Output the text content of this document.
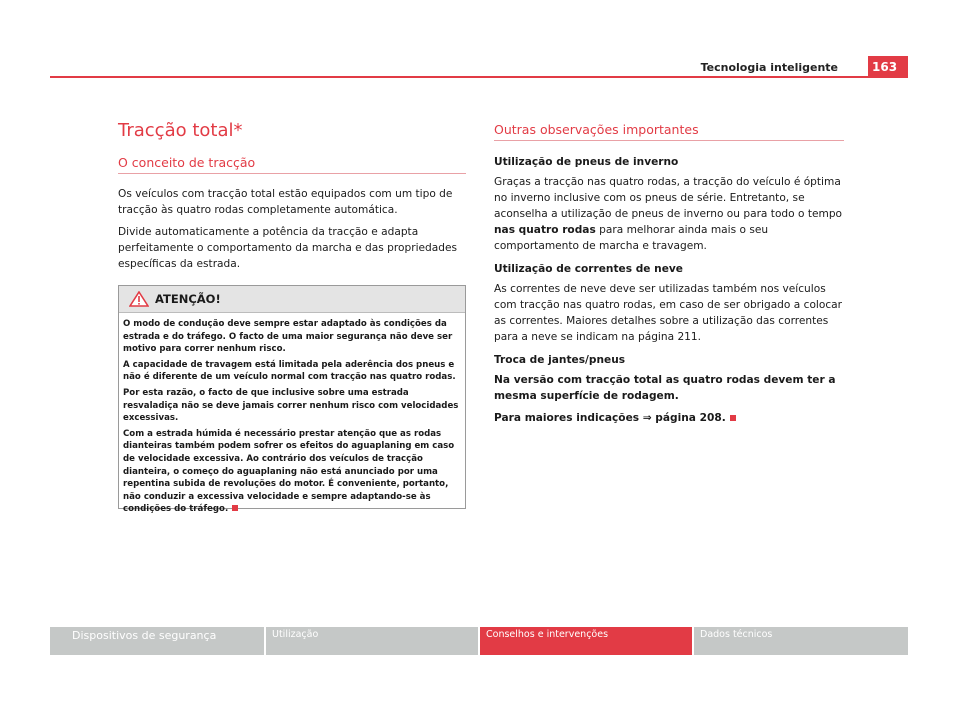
Tecnologia inteligente	163
Tracção total*
O conceito de tracção

Os veículos com tracção total estão equipados com um tipo de tracção às quatro rodas completamente automática.

Divide automaticamente a potência da tracção e adapta perfeitamente o comportamento da marcha e das propriedades específicas da estrada.

ATENÇÃO!

O modo de condução deve sempre estar adaptado às condições da estrada e do tráfego. O facto de uma maior segurança não deve ser motivo para correr nenhum risco.

A capacidade de travagem está limitada pela aderência dos pneus e não é diferente de um veículo normal com tracção nas quatro rodas.

Por esta razão, o facto de que inclusive sobre uma estrada resvaladiça não se deve jamais correr nenhum risco com velocidades excessivas.

Com a estrada húmida é necessário prestar atenção que as rodas dianteiras também podem sofrer os efeitos do aguaplaning em caso de velocidade excessiva. Ao contrário dos veículos de tracção dianteira, o começo do aguaplaning não está anunciado por uma repentina subida de revoluções do motor. É conveniente, portanto, não conduzir a excessiva velocidade e sempre adaptando-se às condições do tráfego.

Outras observações importantes
Utilização de pneus de inverno

Graças a tracção nas quatro rodas, a tracção do veículo é óptima no inverno inclusive com os pneus de série. Entretanto, se aconselha a utilização de pneus de inverno ou para todo o tempo nas quatro rodas para melhorar ainda mais o seu comportamento de marcha e travagem.

Utilização de correntes de neve

As correntes de neve deve ser utilizadas também nos veículos com tracção nas quatro rodas, em caso de ser obrigado a colocar as correntes. Maiores detalhes sobre a utilização das correntes para a neve se indicam na página 211.

Troca de jantes/pneus

Na versão com tracção total as quatro rodas devem ter a mesma superfície de rodagem.

Para maiores indicações ⇒ página 208.

Dispositivos de segurança	Utilização	Conselhos e intervenções	Dados técnicos
